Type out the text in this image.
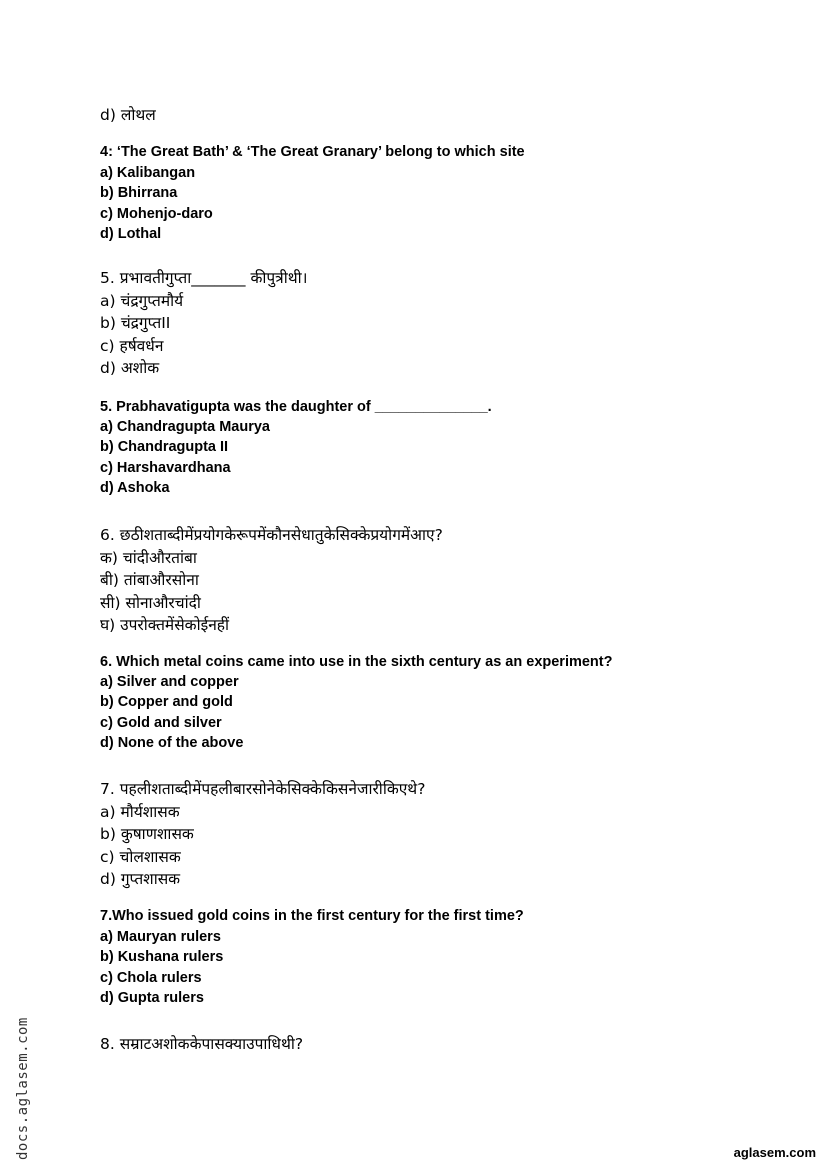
d) लोथल
4: ‘The Great Bath’ & ‘The Great Granary’ belong to which site
a) Kalibangan
b) Bhirrana
c) Mohenjo-daro
d) Lothal
5. प्रभावतीगुप्ता_______ कीपुत्रीथी।
a) चंद्रगुप्तमौर्य
b) चंद्रगुप्तII
c) हर्षवर्धन
d) अशोक
5. Prabhavatigupta was the daughter of ______________.
a) Chandragupta Maurya
b) Chandragupta II
c) Harshavardhana
d) Ashoka
6. छठीशताब्दीमेंप्रयोगकेरूपमेंकौनसेधातुकेसिक्केप्रयोगमेंआए?
क) चांदीऔरतांबा
बी) तांबाऔरसोना
सी) सोनाऔरचांदी
घ) उपरोक्तमेंसेकोईनहीं
6. Which metal coins came into use in the sixth century as an experiment?
a) Silver and copper
b) Copper and gold
c) Gold and silver
d) None of the above
7. पहलीशताब्दीमेंपहलीबारसोनेकेसिक्केकिसनेजारीकिएथे?
a) मौर्यशासक
b) कुषाणशासक
c) चोलशासक
d) गुप्तशासक
7.Who issued gold coins in the first century for the first time?
a) Mauryan rulers
b) Kushana rulers
c) Chola rulers
d) Gupta rulers
8. सम्राटअशोककेपासक्याउपाधिथी?
docs.aglasem.com	aglasem.com
